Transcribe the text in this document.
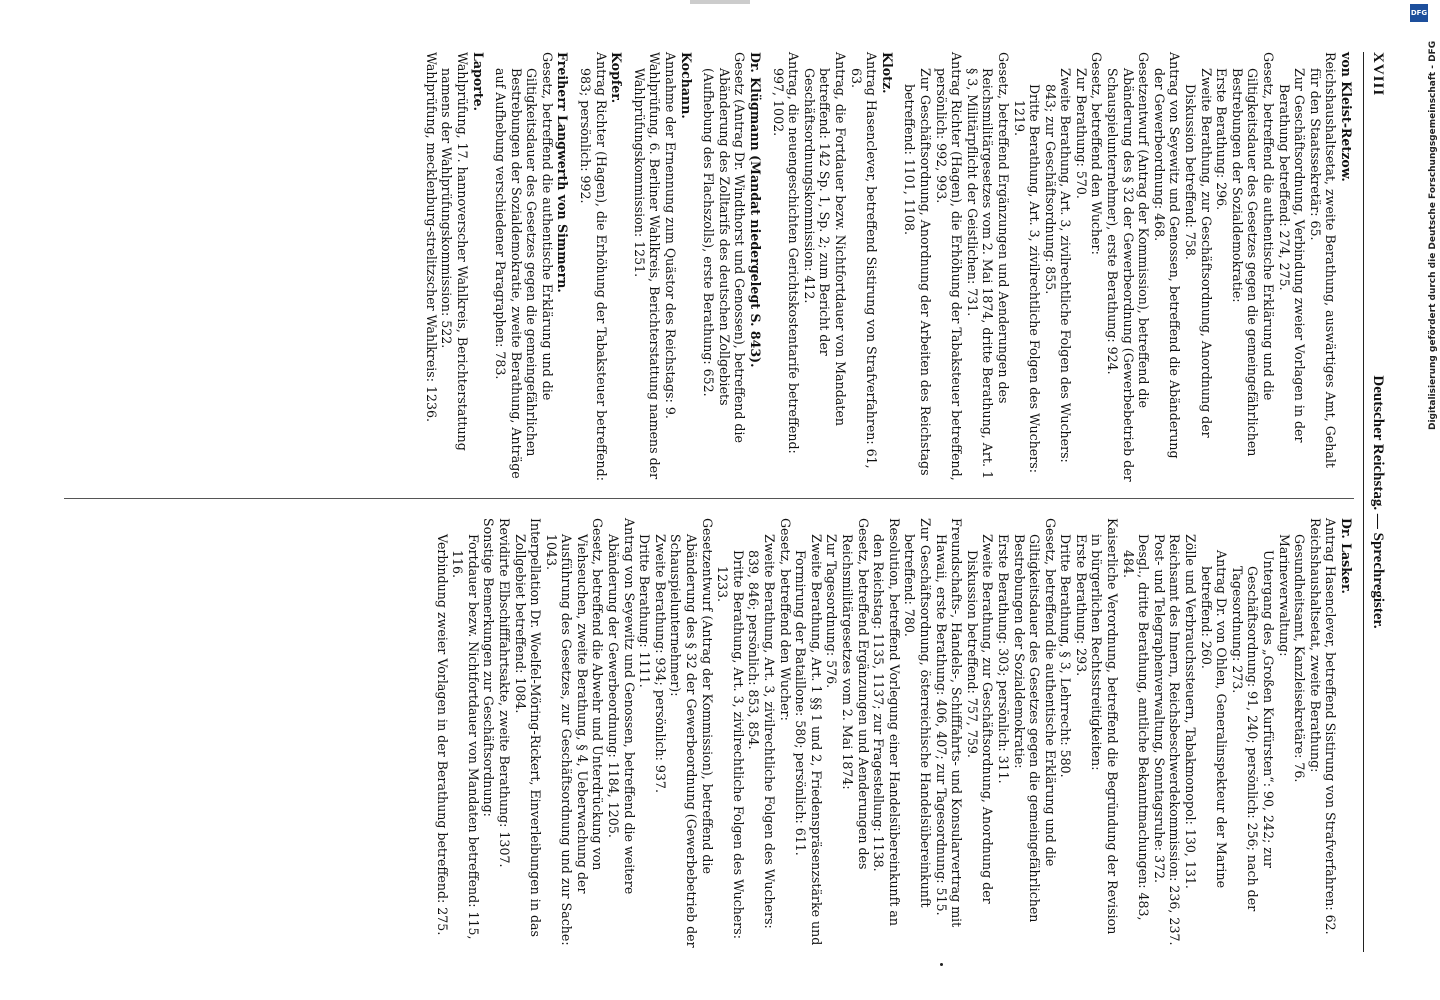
XVIII
Deutscher Reichstag. — Sprechregister.
von Kleist-Retzow.
Reichshaushaltsetat, zweite Berathung, auswärtiges Amt, Gehalt für den Staatssekretär: 65.
Zur Geschäftsordnung, Verbindung zweier Vorlagen in der Berathung betreffend: 274, 275.
Gesetz, betreffend die authentische Erklärung und die Giltigkeitsdauer des Gesetzes gegen die gemeingefährlichen Bestrebungen der Sozialdemokratie:
Erste Berathung: 296.
Zweite Berathung, zur Geschäftsordnung, Anordnung der Diskussion betreffend: 758.
Antrag von Seyewitz und Genossen, betreffend die Abänderung der Gewerbeordnung: 468.
Gesetzentwurf (Antrag der Kommission), betreffend die Abänderung des § 32 der Gewerbeordnung (Gewerbebetrieb der Schauspielunternehmer), erste Berathung: 924.
Gesetz, betreffend den Wucher:
Zur Berathung: 570.
Zweite Berathung, Art. 3, zivilrechtliche Folgen des Wuchers: 843; zur Geschäftsordnung: 855.
Dritte Berathung, Art. 3, zivilrechtliche Folgen des Wuchers: 1219.
Gesetz, betreffend Ergänzungen und Aenderungen des Reichsmilitärgesetzes vom 2. Mai 1874, dritte Berathung, Art. 1 § 3, Militärpflicht der Geistlichen: 731.
Antrag Richter (Hagen), die Erhöhung der Tabaksteuer betreffend, persönlich: 992, 993.
Zur Geschäftsordnung, Anordnung der Arbeiten des Reichstags betreffend: 1101, 1108.
Klotz.
Antrag Hasenclever, betreffend Sistirung von Strafverfahren: 61, 63.
Antrag, die Fortdauer bezw. Nichtfortdauer von Mandaten betreffend: 142 Sp. 1, Sp. 2; zum Bericht der Geschäftsordnungskommission: 412.
Antrag, die neuengeschichten Gerichtskostentarife betreffend: 997, 1002.
Dr. Klügmann (Mandat niedergelegt S. 843).
Gesetz (Antrag Dr. Windthorst und Genossen), betreffend die Abänderung des Zolltarifs des deutschen Zollgebiets (Aufhebung des Flachszolls), erste Berathung: 652.
Kochann.
Annahme der Ernennung zum Quästor des Reichstags: 9.
Wahlprüfung, 6. Berliner Wahlkreis, Berichterstattung namens der Wahlprüfungskommission: 1251.
Kopfer.
Antrag Richter (Hagen), die Erhöhung der Tabaksteuer betreffend: 983; persönlich: 992.
Freiherr Langwerth von Simmern.
Gesetz, betreffend die authentische Erklärung und die Giltigkeitsdauer des Gesetzes gegen die gemeingefährlichen Bestrebungen der Sozialdemokratie, zweite Berathung, Anträge auf Aufhebung verschiedener Paragraphen: 783.
Laporte.
Wahlprüfung, 17. hannoverscher Wahlkreis, Berichterstattung namens der Wahlprüfungskommission: 522.
Wahlprüfung, mecklenburg-strelitzscher Wahlkreis: 1236.
Dr. Lasker.
Antrag Hasenclever, betreffend Sistirung von Strafverfahren: 62.
Reichshaushaltsetat, zweite Berathung:
Gesundheitsamt, Kanzleisekretäre: 76.
Marineverwaltung:
Untergang des „Großen Kurfürsten“: 90, 242; zur Geschäftsordnung: 91, 240; persönlich: 256; nach der Tagesordnung: 273.
Antrag Dr. von Ohlen, Generalinspekteur der Marine betreffend: 260.
Zölle und Verbrauchssteuern, Tabakmonopol: 130, 131.
Reichsamt des Innern, Reichsbeschwerdekommission: 236, 237.
Post- und Telegraphenverwaltung, Sonntagsruhe: 372.
Desgl., dritte Berathung, amtliche Bekanntmachungen: 483, 484.
Kaiserliche Verordnung, betreffend die Begründung der Revision in bürgerlichen Rechtsstreitigkeiten:
Erste Berathung: 293.
Dritte Berathung, § 3, Lehrrecht: 580.
Gesetz, betreffend die authentische Erklärung und die Giltigkeitsdauer des Gesetzes gegen die gemeingefährlichen Bestrebungen der Sozialdemokratie:
Erste Berathung: 303; persönlich: 311.
Zweite Berathung, zur Geschäftsordnung, Anordnung der Diskussion betreffend: 757, 759.
Freundschafts-, Handels-, Schifffahrts- und Konsularvertrag mit Hawaii, erste Berathung: 406, 407; zur Tagesordnung: 515.
Zur Geschäftsordnung, österreichische Handelsübereinkunft betreffend: 780.
Resolution, betreffend Vorlegung einer Handelsübereinkunft an den Reichstag: 1135, 1137; zur Fragestellung: 1138.
Gesetz, betreffend Ergänzungen und Aenderungen des Reichsmilitärgesetzes vom 2. Mai 1874:
Zur Tagesordnung: 576.
Zweite Berathung, Art. 1 §§ 1 und 2, Friedenspräsenzstärke und Formirung der Bataillone: 580; persönlich: 611.
Gesetz, betreffend den Wucher:
Zweite Berathung, Art. 3, zivilrechtliche Folgen des Wuchers: 839, 846; persönlich: 853, 854.
Dritte Berathung, Art. 3, zivilrechtliche Folgen des Wuchers: 1233.
Gesetzentwurf (Antrag der Kommission), betreffend die Abänderung des § 32 der Gewerbeordnung (Gewerbebetrieb der Schauspielunternehmer):
Zweite Berathung: 934; persönlich: 937.
Dritte Berathung: 1111.
Antrag von Seyewitz und Genossen, betreffend die weitere Abänderung der Gewerbeordnung: 1184, 1205.
Gesetz, betreffend die Abwehr und Unterdrückung von Viehseuchen, zweite Berathung, § 4, Ueberwachung der Ausführung des Gesetzes, zur Geschäftsordnung und zur Sache: 1043.
Interpellation Dr. Woelfel-Möring-Rickert, Einverleibungen in das Zollgebiet betreffend: 1084.
Revidirte Elbschifffahrtsakte, zweite Berathung: 1307.
Sonstige Bemerkungen zur Geschäftsordnung:
Fortdauer bezw. Nichtfortdauer von Mandaten betreffend: 115, 116.
Verbindung zweier Vorlagen in der Berathung betreffend: 275.
DFG
Digitalisierung gefördert durch die Deutsche Forschungsgemeinschaft - DFG
